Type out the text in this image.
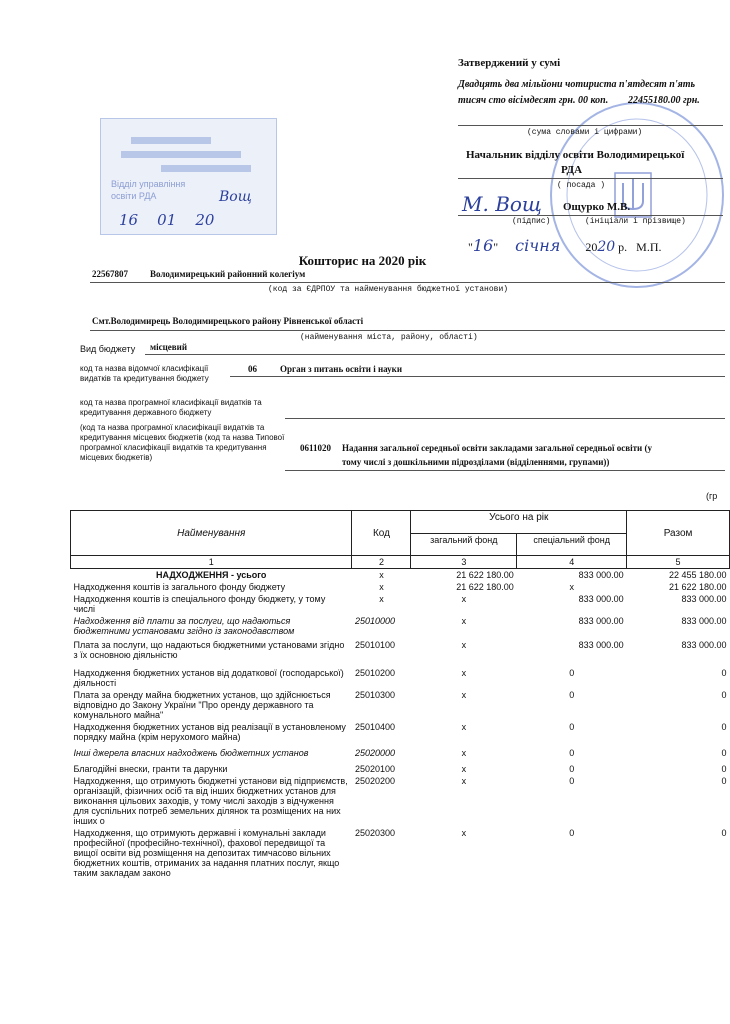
Відділ управління
освіти РДА
16    01    20
Вощ
Затверджений у сумі
Двадцять два мільйони чотириста п'ятдесят п'ять
тисяч сто вісімдесят грн. 00 коп. 22455180.00 грн.
(сума словами і цифрами)
Начальник відділу освіти Володимирецької
РДА
( посада )
М. Вощ Ощурко М.В.
(підпис)	(ініціали і прізвище)
"16" січня 2020 р. М.П.
Кошторис на 2020 рік
22567807 Володимирецький районний колегіум
(код за ЄДРПОУ та найменування бюджетної установи)
Смт.Володимирець Володимирецького району Рівненської області
(найменування міста, району, області)
Вид бюджету місцевий
код та назва відомчої класифікації
видатків та кредитування бюджету
06	Орган з питань освіти і науки
код та назва програмної класифікації видатків та
кредитування державного бюджету
(код та назва програмної класифікації видатків та
кредитування місцевих бюджетів (код та назва Типової
програмної класифікації видатків та кредитування
місцевих бюджетів)
0611020 Надання загальної середньої освіти закладами загальної середньої освіти (у
тому числі з дошкільними підрозділами (відділеннями, групами))
(гр
Найменування	Код	Усього на рік		Разом
		загальний фонд	спеціальний фонд	
1	2	3	4	5
НАДХОДЖЕННЯ - усього	х	21 622 180.00	833 000.00	22 455 180.00
Надходження коштів із загального фонду бюджету	х	21 622 180.00	х	21 622 180.00
Надходження коштів із спеціального фонду бюджету, у тому числі	х	х	833 000.00	833 000.00
Надходження від плати за послуги, що надаються бюджетними установами згідно із законодавством	25010000	х	833 000.00	833 000.00
Плата за послуги, що надаються бюджетними установами згідно з їх основною діяльністю	25010100	х	833 000.00	833 000.00
Надходження бюджетних установ від додаткової (господарської) діяльності	25010200	х	0	0
Плата за оренду майна бюджетних установ, що здійснюється відповідно до Закону України "Про оренду державного та комунального майна"	25010300	х	0	0
Надходження бюджетних установ від реалізації в установленому порядку майна (крім нерухомого майна)	25010400	х	0	0
Інші джерела власних надходжень бюджетних установ	25020000	х	0	0
Благодійні внески, гранти та дарунки	25020100	х	0	0
Надходження, що отримують бюджетні установи від підприємств, організацій, фізичних осіб та від інших бюджетних установ для виконання цільових заходів, у тому числі заходів з відчуження для суспільних потреб земельних ділянок та розміщених на них інших о	25020200	х	0	0
Надходження, що отримують державні і комунальні заклади професійної (професійно-технічної), фахової передвищої та вищої освіти від розміщення на депозитах тимчасово вільних бюджетних коштів, отриманих за надання платних послуг, якщо таким закладам законо	25020300	х	0	0
